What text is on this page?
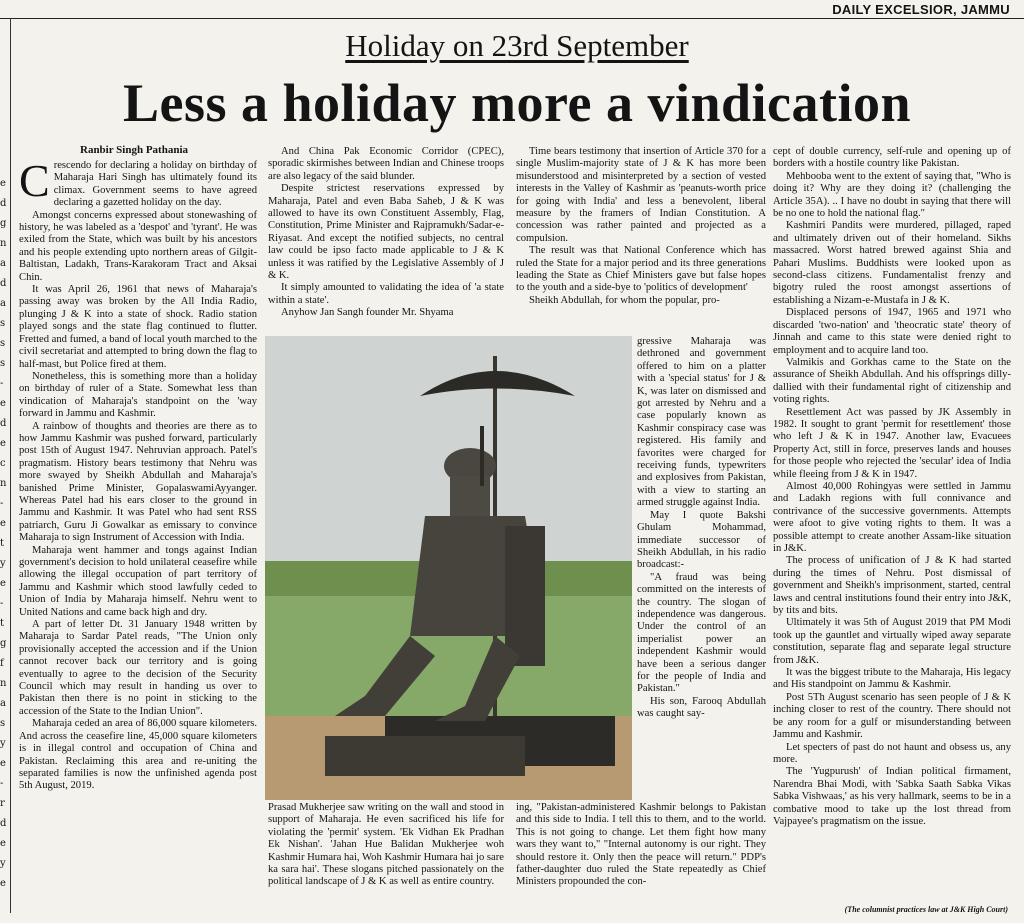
DAILY EXCELSIOR, JAMMU
e
d
g
n
a
d
a
s
s
s
-
e
d
e
c
n
-
e
t
y
e
-
t
g
f
n
a
s
y
e
-
r
d
e
y
e
Holiday on 23rd September
Less a holiday more a vindication
Ranbir Singh Pathania
C rescendo for declaring a holiday on birthday of Maharaja Hari Singh has ultimately found its climax. Government seems to have agreed declaring a gazetted holiday on the day.

Amongst concerns expressed about stonewashing of history, he was labeled as a 'despot' and 'tyrant'. He was exiled from the State, which was built by his ancestors and his people extending upto northern areas of Gilgit-Baltistan, Ladakh, Trans-Karakoram Tract and Aksai Chin.

It was April 26, 1961 that news of Maharaja's passing away was broken by the All India Radio, plunging J & K into a state of shock. Radio station played songs and the state flag continued to flutter. Fretted and fumed, a band of local youth marched to the civil secretariat and attempted to bring down the flag to half-mast, but Police fired at them.

Nonetheless, this is something more than a holiday on birthday of ruler of a State. Somewhat less than vindication of Maharaja's standpoint on the 'way forward in Jammu and Kashmir.

A rainbow of thoughts and theories are there as to how Jammu Kashmir was pushed forward, particularly post 15th of August 1947. Nehruvian approach. Patel's pragmatism. History bears testimony that Nehru was more swayed by Sheikh Abdullah and Maharaja's banished Prime Minister, GopalaswamiAyyanger. Whereas Patel had his ears closer to the ground in Jammu and Kashmir. It was Patel who had sent RSS patriarch, Guru Ji Gowalkar as emissary to convince Maharaja to sign Instrument of Accession with India.

Maharaja went hammer and tongs against Indian government's decision to hold unilateral ceasefire while allowing the illegal occupation of part territory of Jammu and Kashmir which stood lawfully ceded to Union of India by Maharaja himself. Nehru went to United Nations and came back high and dry.

A part of letter Dt. 31 January 1948 written by Maharaja to Sardar Patel reads, "The Union only provisionally accepted the accession and if the Union cannot recover back our territory and is going eventually to agree to the decision of the Security Council which may result in handing us over to Pakistan then there is no point in sticking to the accession of the State to the Indian Union".

Maharaja ceded an area of 86,000 square kilometers. And across the ceasefire line, 45,000 square kilometers is in illegal control and occupation of China and Pakistan. Reclaiming this area and re-uniting the separated families is now the unfinished agenda post 5th August, 2019.

And China Pak Economic Corridor (CPEC), sporadic skirmishes between Indian and Chinese troops are also legacy of the said blunder.

Despite strictest reservations expressed by Maharaja, Patel and even Baba Saheb, J & K was allowed to have its own Constituent Assembly, Flag, Constitution, Prime Minister and Rajpramukh/Sadar-e-Riyasat. And except the notified subjects, no central law could be ipso facto made applicable to J & K unless it was ratified by the Legislative Assembly of J & K.

It simply amounted to validating the idea of 'a state within a state'.

Anyhow Jan Sangh founder Mr. Shyama

Time bears testimony that insertion of Article 370 for a single Muslim-majority state of J & K has more been misunderstood and misinterpreted by a section of vested interests in the Valley of Kashmir as 'peanuts-worth price for going with India' and less a benevolent, liberal measure by the framers of Indian Constitution. A concession was rather painted and projected as a compulsion.

The result was that National Conference which has ruled the State for a major period and its three generations leading the State as Chief Ministers gave but false hopes to the youth and a side-bye to 'politics of development'

Sheikh Abdullah, for whom the popular, pro-

gressive Maharaja was dethroned and government offered to him on a platter with a 'special status' for J & K, was later on dismissed and got arrested by Nehru and a case popularly known as Kashmir conspiracy case was registered. His family and favorites were charged for receiving funds, typewriters and explosives from Pakistan, with a view to starting an armed struggle against India.

May I quote Bakshi Ghulam Mohammad, immediate successor of Sheikh Abdullah, in his radio broadcast:-

"A fraud was being committed on the interests of the country. The slogan of independence was dangerous. Under the control of an imperialist power an independent Kashmir would have been a serious danger for the people of India and Pakistan."

His son, Farooq Abdullah was caught say-

Prasad Mukherjee saw writing on the wall and stood in support of Maharaja. He even sacrificed his life for violating the 'permit' system. 'Ek Vidhan Ek Pradhan Ek Nishan'. 'Jahan Hue Balidan Mukherjee woh Kashmir Humara hai, Woh Kashmir Humara hai jo sare ka sara hai'. These slogans pitched passionately on the political landscape of J & K as well as entire country.

ing, "Pakistan-administered Kashmir belongs to Pakistan and this side to India. I tell this to them, and to the world. This is not going to change. Let them fight how many wars they want to," "Internal autonomy is our right. They should restore it. Only then the peace will return." PDP's father-daughter duo ruled the State repeatedly as Chief Ministers propounded the con-

cept of double currency, self-rule and opening up of borders with a hostile country like Pakistan.

Mehbooba went to the extent of saying that, "Who is doing it? Why are they doing it? (challenging the Article 35A). .. I have no doubt in saying that there will be no one to hold the national flag."

Kashmiri Pandits were murdered, pillaged, raped and ultimately driven out of their homeland. Sikhs massacred. Worst hatred brewed against Shia and Pahari Muslims. Buddhists were looked upon as second-class citizens. Fundamentalist frenzy and bigotry ruled the roost amongst assertions of establishing a Nizam-e-Mustafa in J & K.

Displaced persons of 1947, 1965 and 1971 who discarded 'two-nation' and 'theocratic state' theory of Jinnah and came to this state were denied right to employment and to acquire land too.

Valmikis and Gorkhas came to the State on the assurance of Sheikh Abdullah. And his offsprings dilly-dallied with their fundamental right of citizenship and voting rights.

Resettlement Act was passed by JK Assembly in 1982. It sought to grant 'permit for resettlement' those who left J & K in 1947. Another law, Evacuees Property Act, still in force, preserves lands and houses for those people who rejected the 'secular' idea of India while fleeing from J & K in 1947.

Almost 40,000 Rohingyas were settled in Jammu and Ladakh regions with full connivance and contrivance of the successive governments. Attempts were afoot to give voting rights to them. It was a possible attempt to create another Assam-like situation in J&K.

The process of unification of J & K had started during the times of Nehru. Post dismissal of government and Sheikh's imprisonment, started, central laws and central institutions found their entry into J&K, by tits and bits.

Ultimately it was 5th of August 2019 that PM Modi took up the gauntlet and virtually wiped away separate constitution, separate flag and separate legal structure from J&K.

It was the biggest tribute to the Maharaja, His legacy and His standpoint on Jammu & Kashmir.

Post 5Th August scenario has seen people of J & K inching closer to rest of the country. There should not be any room for a gulf or misunderstanding between Jammu and Kashmir.

Let specters of past do not haunt and obsess us, any more.

The 'Yugpurush' of Indian political firmament, Narendra Bhai Modi, with 'Sabka Saath Sabka Vikas Sabka Vishwaas,' as his very hallmark, seems to be in a combative mood to take up the lost thread from Vajpayee's pragmatism on the issue.

(The columnist practices law at J&K High Court)
